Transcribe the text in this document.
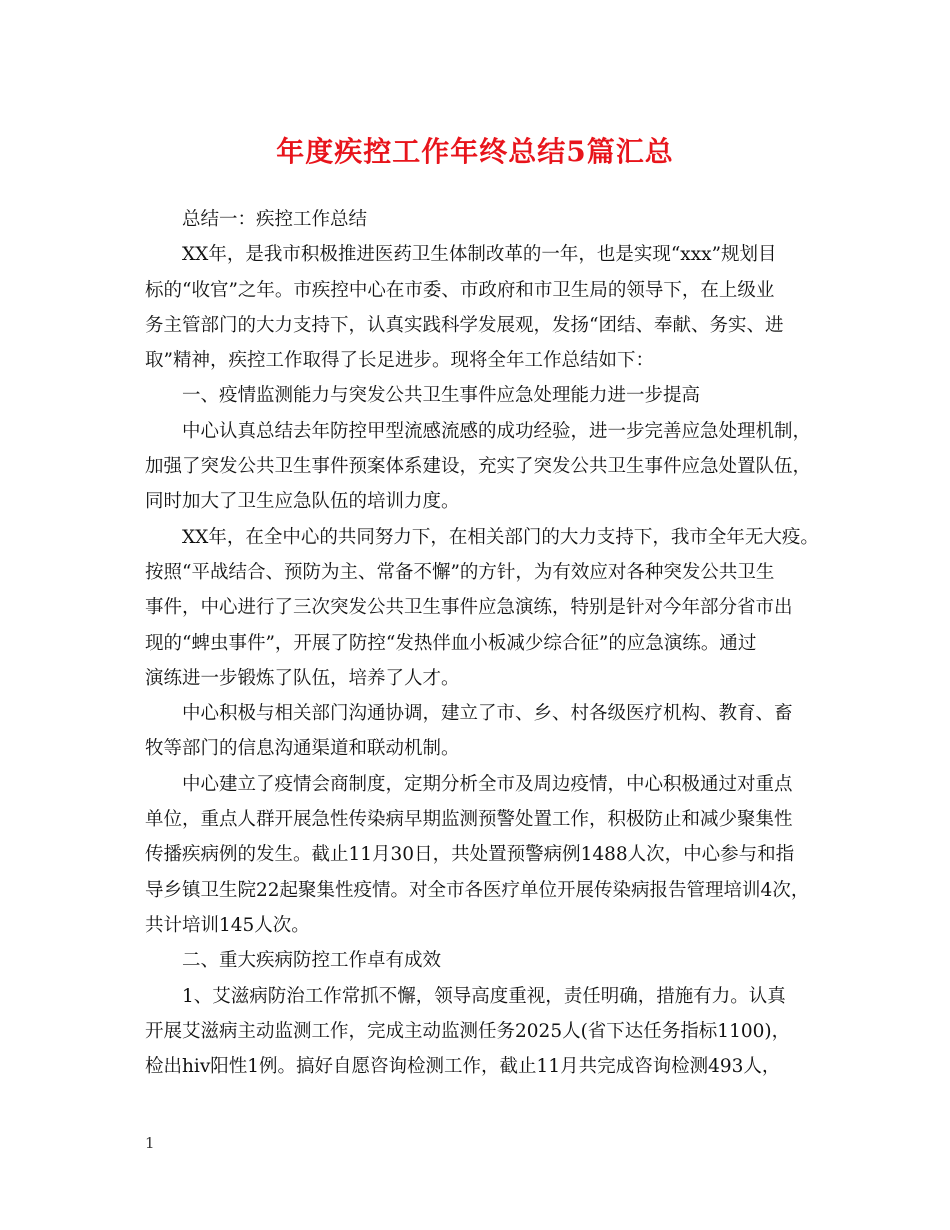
年度疾控工作年终总结5篇汇总
总结一：疾控工作总结
XX年，是我市积极推进医药卫生体制改革的一年，也是实现“xxx”规划目
标的“收官”之年。市疾控中心在市委、市政府和市卫生局的领导下，在上级业
务主管部门的大力支持下，认真实践科学发展观，发扬“团结、奉献、务实、进
取”精神，疾控工作取得了长足进步。现将全年工作总结如下：
一、疫情监测能力与突发公共卫生事件应急处理能力进一步提高
中心认真总结去年防控甲型流感流感的成功经验，进一步完善应急处理机制，
加强了突发公共卫生事件预案体系建设，充实了突发公共卫生事件应急处置队伍，
同时加大了卫生应急队伍的培训力度。
XX年，在全中心的共同努力下，在相关部门的大力支持下，我市全年无大疫。
按照“平战结合、预防为主、常备不懈”的方针，为有效应对各种突发公共卫生
事件，中心进行了三次突发公共卫生事件应急演练，特别是针对今年部分省市出
现的“蜱虫事件”，开展了防控“发热伴血小板减少综合征”的应急演练。通过
演练进一步锻炼了队伍，培养了人才。
中心积极与相关部门沟通协调，建立了市、乡、村各级医疗机构、教育、畜
牧等部门的信息沟通渠道和联动机制。
中心建立了疫情会商制度，定期分析全市及周边疫情，中心积极通过对重点
单位，重点人群开展急性传染病早期监测预警处置工作，积极防止和减少聚集性
传播疾病例的发生。截止11月30日，共处置预警病例1488人次，中心参与和指
导乡镇卫生院22起聚集性疫情。对全市各医疗单位开展传染病报告管理培训4次，
共计培训145人次。
二、重大疾病防控工作卓有成效
1、艾滋病防治工作常抓不懈，领导高度重视，责任明确，措施有力。认真
开展艾滋病主动监测工作，完成主动监测任务2025人(省下达任务指标1100)，
检出hiv阳性1例。搞好自愿咨询检测工作，截止11月共完成咨询检测493人，
1
